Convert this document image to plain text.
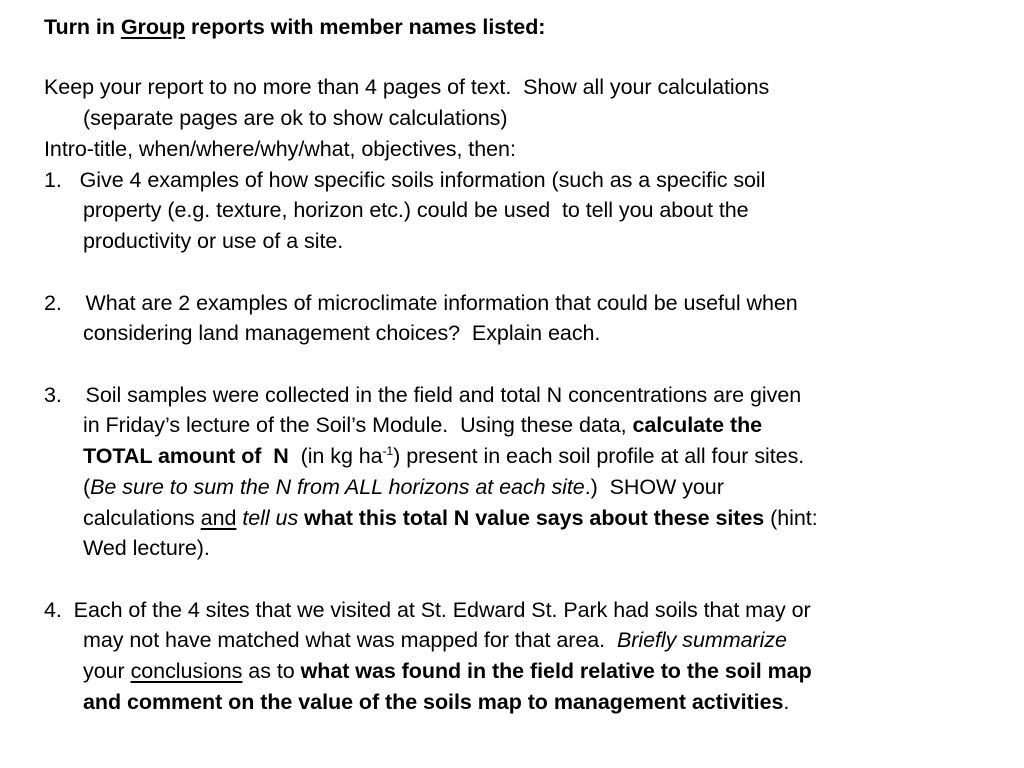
Turn in Group reports with member names listed:
Keep your report to no more than 4 pages of text.  Show all your calculations
(separate pages are ok to show calculations)
Intro-title, when/where/why/what, objectives, then:
1.   Give 4 examples of how specific soils information (such as a specific soil
property (e.g. texture, horizon etc.) could be used  to tell you about the
productivity or use of a site.
2.    What are 2 examples of microclimate information that could be useful when
considering land management choices?  Explain each.
3.    Soil samples were collected in the field and total N concentrations are given
in Friday’s lecture of the Soil’s Module.  Using these data, calculate the
TOTAL amount of  N  (in kg $ha^{-1}$) present in each soil profile at all four sites.
(Be sure to sum the N from ALL horizons at each site.)  SHOW your
calculations and tell us what this total N value says about these sites (hint:
Wed lecture).
4.  Each of the 4 sites that we visited at St. Edward St. Park had soils that may or
may not have matched what was mapped for that area.  Briefly summarize
your conclusions as to what was found in the field relative to the soil map
and comment on the value of the soils map to management activities.
